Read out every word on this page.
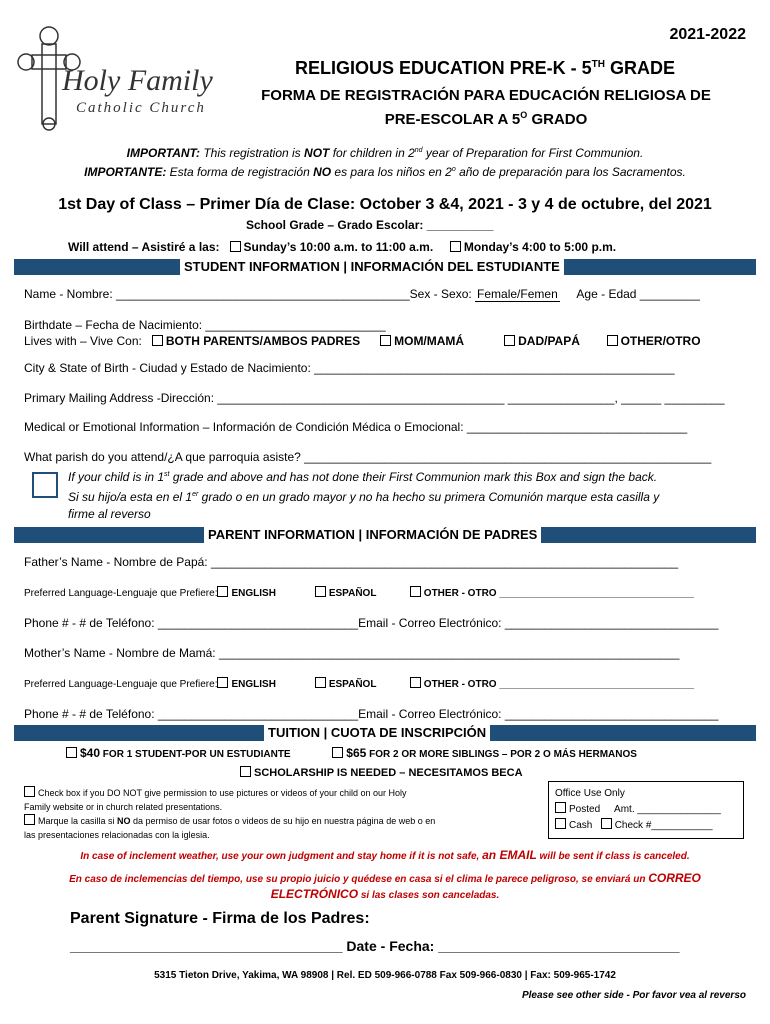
2021-2022
Holy Family
Catholic Church
RELIGIOUS EDUCATION PRE-K - 5TH GRADE
FORMA DE REGISTRACIÓN PARA EDUCACIÓN RELIGIOSA DE
PRE-ESCOLAR A $5^O$ GRADO
IMPORTANT: This registration is NOT for children in 2nd year of Preparation for First Communion.
IMPORTANTE: Esta forma de registración NO es para los niños en 2$^o$ año de preparación para los Sacramentos.
1st Day of Class – Primer Día de Clase: October 3 &4, 2021 - 3 y 4 de octubre, del 2021
School Grade – Grado Escolar: __________
Will attend – Asistiré a las: Sunday’s 10:00 a.m. to 11:00 a.m.	Monday’s 4:00 to 5:00 p.m.
STUDENT INFORMATION | INFORMACIÓN DEL ESTUDIANTE
Name - Nombre: ____________________________________________Sex - Sexo: Female/Femen Age - Edad _________
Birthdate – Fecha de Nacimiento: ___________________________
Lives with – Vive Con: BOTH PARENTS/AMBOS PADRES	MOM/MAMÁ	DAD/PAPÁ	OTHER/OTRO
City & State of Birth - Ciudad y Estado de Nacimiento: ______________________________________________________
Primary Mailing Address -Dirección: ___________________________________________ ________________, ______ _________
Medical or Emotional Information – Información de Condición Médica o Emocional: _________________________________
What parish do you attend/¿A que parroquia asiste? _____________________________________________________________
If your child is in 1st grade and above and has not done their First Communion mark this Box and sign the back.
Si su hijo/a esta en el 1er grado o en un grado mayor y no ha hecho su primera Comunión marque esta casilla y
firme al reverso
PARENT INFORMATION | INFORMACIÓN DE PADRES
Father’s Name - Nombre de Papá: ______________________________________________________________________
Preferred Language-Lenguaje que Prefiere: ENGLISH	ESPAÑOL	OTHER - OTRO ___________________________________
Phone # - # de Teléfono: ______________________________Email - Correo Electrónico: ________________________________
Mother’s Name - Nombre de Mamá: _____________________________________________________________________
Preferred Language-Lenguaje que Prefiere: ENGLISH	ESPAÑOL	OTHER - OTRO ___________________________________
Phone # - # de Teléfono: ______________________________Email - Correo Electrónico: ________________________________
TUITION | CUOTA DE INSCRIPCIÓN
$40 FOR 1 STUDENT-POR UN ESTUDIANTE	$65 FOR 2 OR MORE SIBLINGS – POR 2 O MÁS HERMANOS
SCHOLARSHIP IS NEEDED – NECESITAMOS BECA
Check box if you DO NOT give permission to use pictures or videos of your child on our Holy
Family website or in church related presentations.
Marque la casilla si NO da permiso de usar fotos o videos de su hijo en nuestra página de web o en
las presentaciones relacionadas con la iglesia.
Office Use Only
Posted Amt. _______________
Cash Check #___________
In case of inclement weather, use your own judgment and stay home if it is not safe, an EMAIL will be sent if class is canceled.
En caso de inclemencias del tiempo, use su propio juicio y quédese en casa si el clima le parece peligroso, se enviará un CORREO
ELECTRÓNICO si las clases son canceladas.
Parent Signature - Firma de los Padres:
___________________________________ Date - Fecha: _______________________________
5315 Tieton Drive, Yakima, WA 98908 | Rel. ED 509-966-0788 Fax 509-966-0830 | Fax: 509-965-1742
Please see other side - Por favor vea al reverso
